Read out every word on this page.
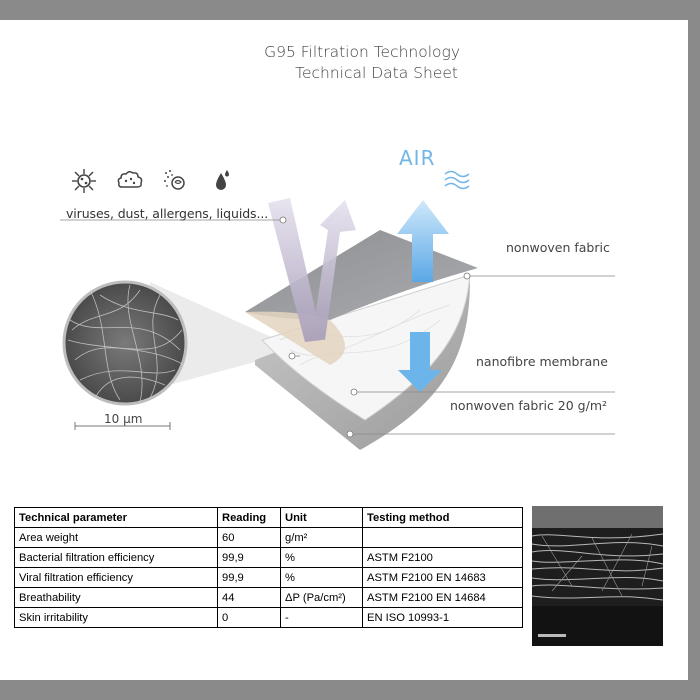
G95 Filtration Technology
Technical Data Sheet
viruses, dust, allergens, liquids...
AIR
nonwoven fabric
nanofibre membrane
nonwoven fabric 20 g/m²
10 μm
Technical parameter	Reading	Unit	Testing method
Area weight	60	g/m²	
Bacterial filtration efficiency	99,9	%	ASTM F2100
Viral filtration efficiency	99,9	%	ASTM F2100 EN 14683
Breathability	44	ΔP (Pa/cm²)	ASTM F2100 EN 14684
Skin irritability	0	-	EN ISO 10993-1
